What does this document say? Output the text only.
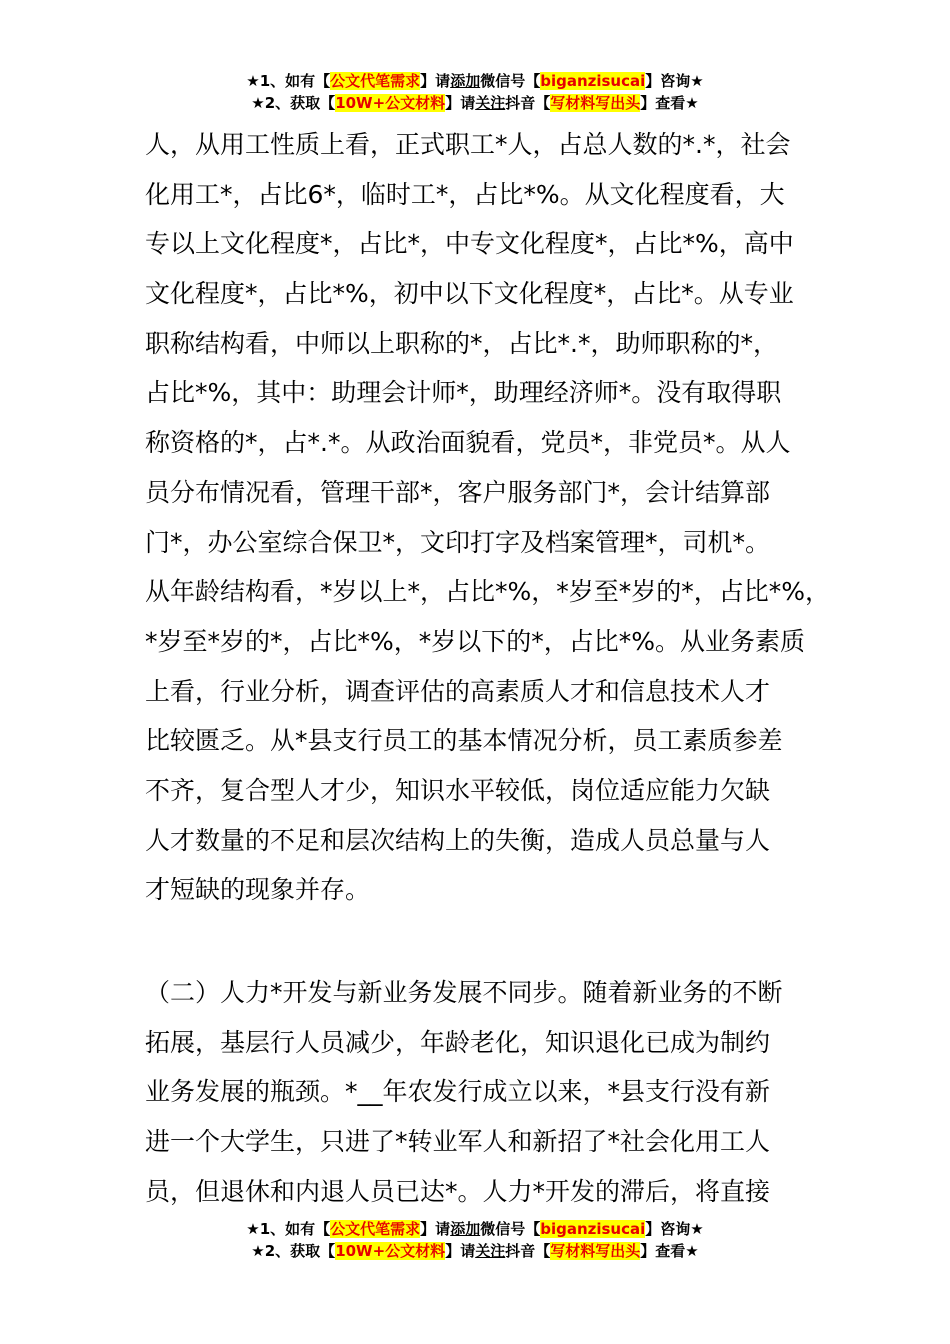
★1、如有【公文代笔需求】请添加微信号【biganzisucai】咨询★
★2、获取【10W+公文材料】请关注抖音【写材料写出头】查看★
人，从用工性质上看，正式职工*人，占总人数的*.*，社会
化用工*，占比6*，临时工*，占比*%。从文化程度看，大
专以上文化程度*，占比*，中专文化程度*，占比*%，高中
文化程度*，占比*%，初中以下文化程度*，占比*。从专业
职称结构看，中师以上职称的*，占比*.*，助师职称的*，
占比*%，其中：助理会计师*，助理经济师*。没有取得职
称资格的*，占*.*。从政治面貌看，党员*，非党员*。从人
员分布情况看，管理干部*，客户服务部门*，会计结算部
门*，办公室综合保卫*，文印打字及档案管理*，司机*。
从年龄结构看，*岁以上*，占比*%，*岁至*岁的*，占比*%，
*岁至*岁的*，占比*%，*岁以下的*，占比*%。从业务素质
上看，行业分析，调查评估的高素质人才和信息技术人才
比较匮乏。从*县支行员工的基本情况分析，员工素质参差
不齐，复合型人才少，知识水平较低，岗位适应能力欠缺
人才数量的不足和层次结构上的失衡，造成人员总量与人
才短缺的现象并存。
（二）人力*开发与新业务发展不同步。随着新业务的不断
拓展，基层行人员减少，年龄老化，知识退化已成为制约
业务发展的瓶颈。*__年农发行成立以来，*县支行没有新
进一个大学生，只进了*转业军人和新招了*社会化用工人
员，但退休和内退人员已达*。人力*开发的滞后，将直接
★1、如有【公文代笔需求】请添加微信号【biganzisucai】咨询★
★2、获取【10W+公文材料】请关注抖音【写材料写出头】查看★
